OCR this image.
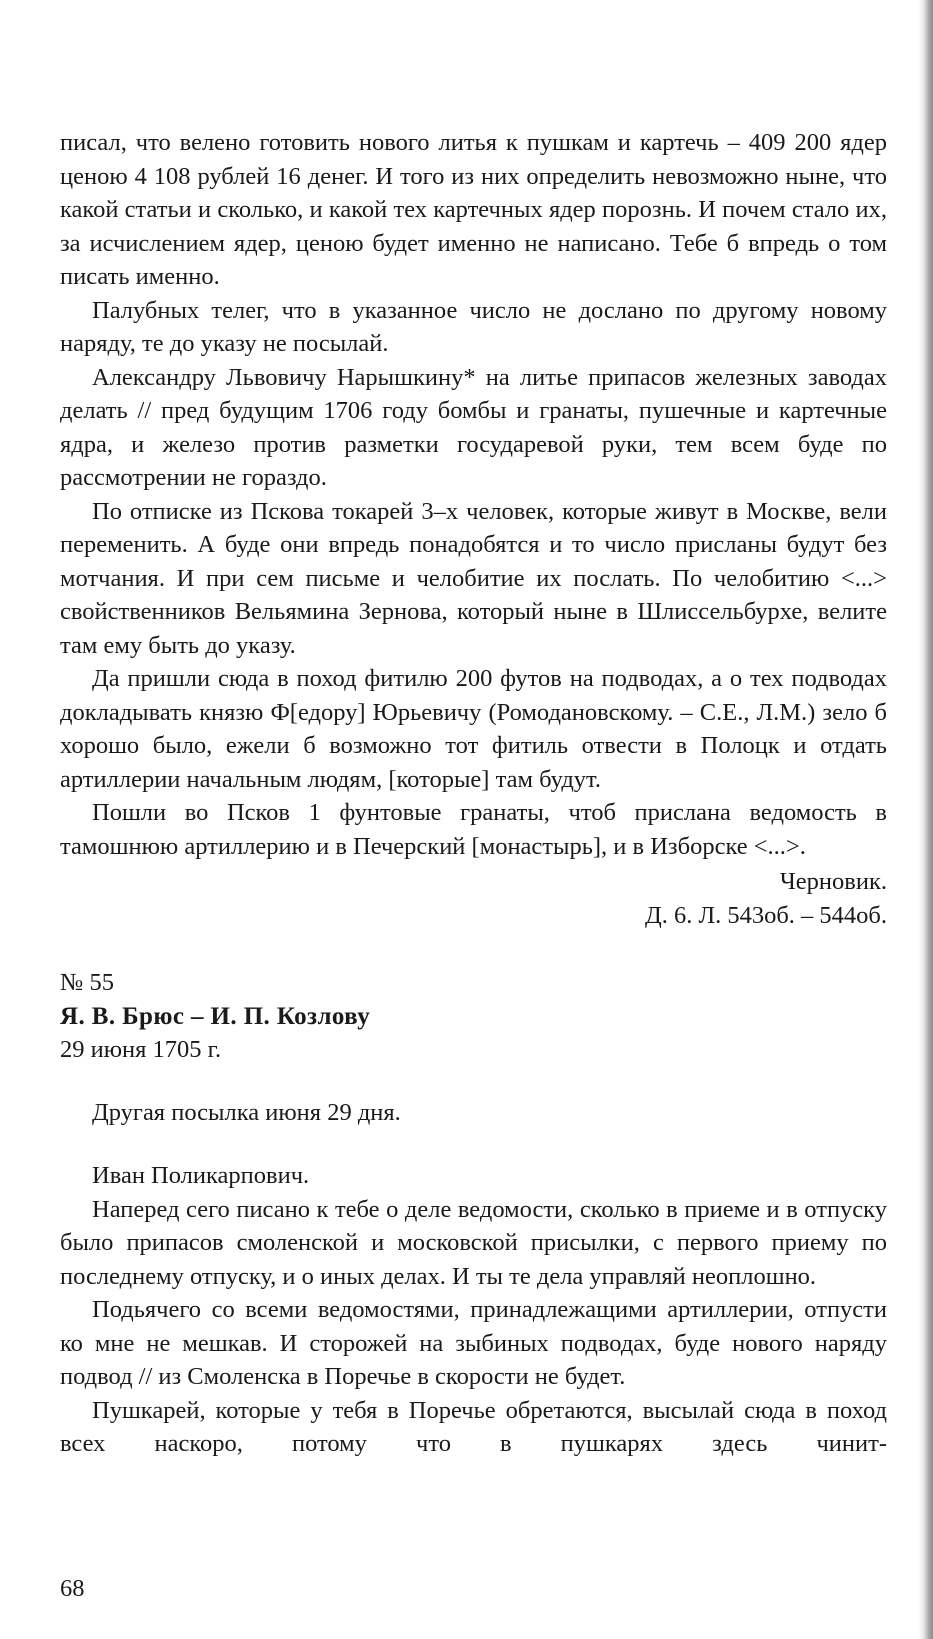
писал, что велено готовить нового литья к пушкам и картечь – 409 200 ядер ценою 4 108 рублей 16 денег. И того из них определить невозможно ныне, что какой статьи и сколько, и какой тех картечных ядер порознь. И почем стало их, за исчислением ядер, ценою будет именно не написано. Тебе б впредь о том писать именно.

Палубных телег, что в указанное число не дослано по другому новому наряду, те до указу не посылай.

Александру Львовичу Нарышкину* на литье припасов железных заводах делать // пред будущим 1706 году бомбы и гранаты, пушечные и картечные ядра, и железо против разметки государевой руки, тем всем буде по рассмотрении не гораздо.

По отписке из Пскова токарей 3–х человек, которые живут в Москве, вели переменить. А буде они впредь понадобятся и то число присланы будут без мотчания. И при сем письме и челобитие их послать. По челобитию <...> свойственников Вельямина Зернова, который ныне в Шлиссельбурхе, велите там ему быть до указу.

Да пришли сюда в поход фитилю 200 футов на подводах, а о тех подводах докладывать князю Ф[едору] Юрьевичу (Ромодановскому. – С.Е., Л.М.) зело б хорошо было, ежели б возможно тот фитиль отвести в Полоцк и отдать артиллерии начальным людям, [которые] там будут.

Пошли во Псков 1 фунтовые гранаты, чтоб прислана ведомость в тамошнюю артиллерию и в Печерский [монастырь], и в Изборске <...>.

Черновик.

Д. 6. Л. 543об. – 544об.

№ 55

Я. В. Брюс – И. П. Козлову

29 июня 1705 г.

Другая посылка июня 29 дня.

Иван Поликарпович.

Наперед сего писано к тебе о деле ведомости, сколько в приеме и в отпуску было припасов смоленской и московской присылки, с первого приему по последнему отпуску, и о иных делах. И ты те дела управляй неоплошно.

Подьячего со всеми ведомостями, принадлежащими артиллерии, отпусти ко мне не мешкав. И сторожей на зыбиных подводах, буде нового наряду подвод // из Смоленска в Поречье в скорости не будет.

Пушкарей, которые у тебя в Поречье обретаются, высылай сюда в поход всех наскоро, потому что в пушкарях здесь чинит-

68
